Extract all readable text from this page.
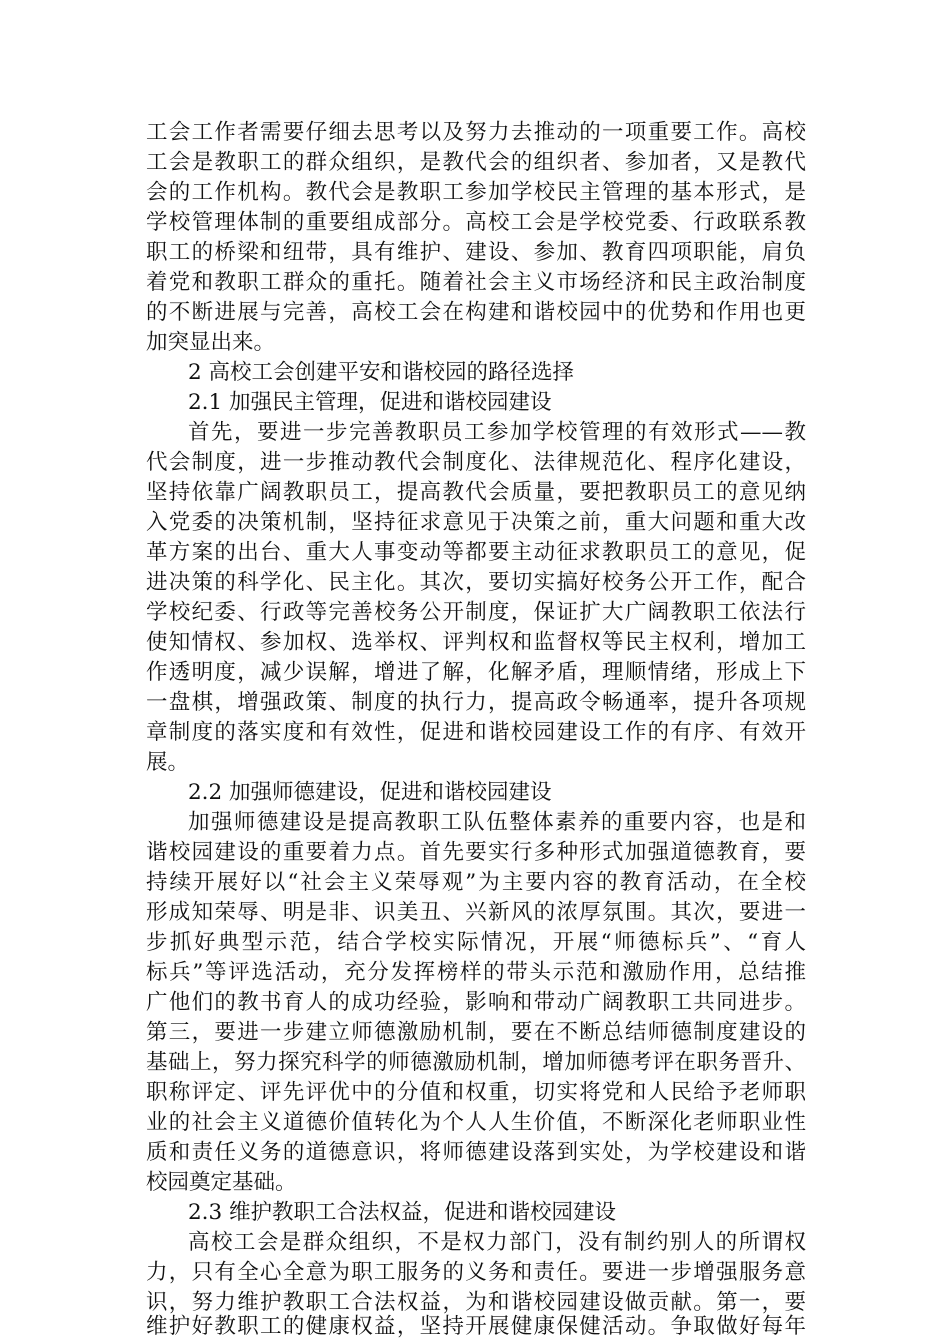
工会工作者需要仔细去思考以及努力去推动的一项重要工作。高校
工会是教职工的群众组织，是教代会的组织者、参加者，又是教代
会的工作机构。教代会是教职工参加学校民主管理的基本形式，是
学校管理体制的重要组成部分。高校工会是学校党委、行政联系教
职工的桥梁和纽带，具有维护、建设、参加、教育四项职能，肩负
着党和教职工群众的重托。随着社会主义市场经济和民主政治制度
的不断进展与完善，高校工会在构建和谐校园中的优势和作用也更
加突显出来。
2 高校工会创建平安和谐校园的路径选择
2.1 加强民主管理，促进和谐校园建设
首先，要进一步完善教职员工参加学校管理的有效形式——教
代会制度，进一步推动教代会制度化、法律规范化、程序化建设，
坚持依靠广阔教职员工，提高教代会质量，要把教职员工的意见纳
入党委的决策机制，坚持征求意见于决策之前，重大问题和重大改
革方案的出台、重大人事变动等都要主动征求教职员工的意见，促
进决策的科学化、民主化。其次，要切实搞好校务公开工作，配合
学校纪委、行政等完善校务公开制度，保证扩大广阔教职工依法行
使知情权、参加权、选举权、评判权和监督权等民主权利，增加工
作透明度，减少误解，增进了解，化解矛盾，理顺情绪，形成上下
一盘棋，增强政策、制度的执行力，提高政令畅通率，提升各项规
章制度的落实度和有效性，促进和谐校园建设工作的有序、有效开
展。
2.2 加强师德建设，促进和谐校园建设
加强师德建设是提高教职工队伍整体素养的重要内容，也是和
谐校园建设的重要着力点。首先要实行多种形式加强道德教育，要
持续开展好以“社会主义荣辱观”为主要内容的教育活动，在全校
形成知荣辱、明是非、识美丑、兴新风的浓厚氛围。其次，要进一
步抓好典型示范，结合学校实际情况，开展“师德标兵”、“育人
标兵”等评选活动，充分发挥榜样的带头示范和激励作用，总结推
广他们的教书育人的成功经验，影响和带动广阔教职工共同进步。
第三，要进一步建立师德激励机制，要在不断总结师德制度建设的
基础上，努力探究科学的师德激励机制，增加师德考评在职务晋升、
职称评定、评先评优中的分值和权重，切实将党和人民给予老师职
业的社会主义道德价值转化为个人人生价值，不断深化老师职业性
质和责任义务的道德意识，将师德建设落到实处，为学校建设和谐
校园奠定基础。
2.3 维护教职工合法权益，促进和谐校园建设
高校工会是群众组织，不是权力部门，没有制约别人的所谓权
力，只有全心全意为职工服务的义务和责任。要进一步增强服务意
识，努力维护教职工合法权益，为和谐校园建设做贡献。第一，要
维护好教职工的健康权益，坚持开展健康保健活动。争取做好每年
